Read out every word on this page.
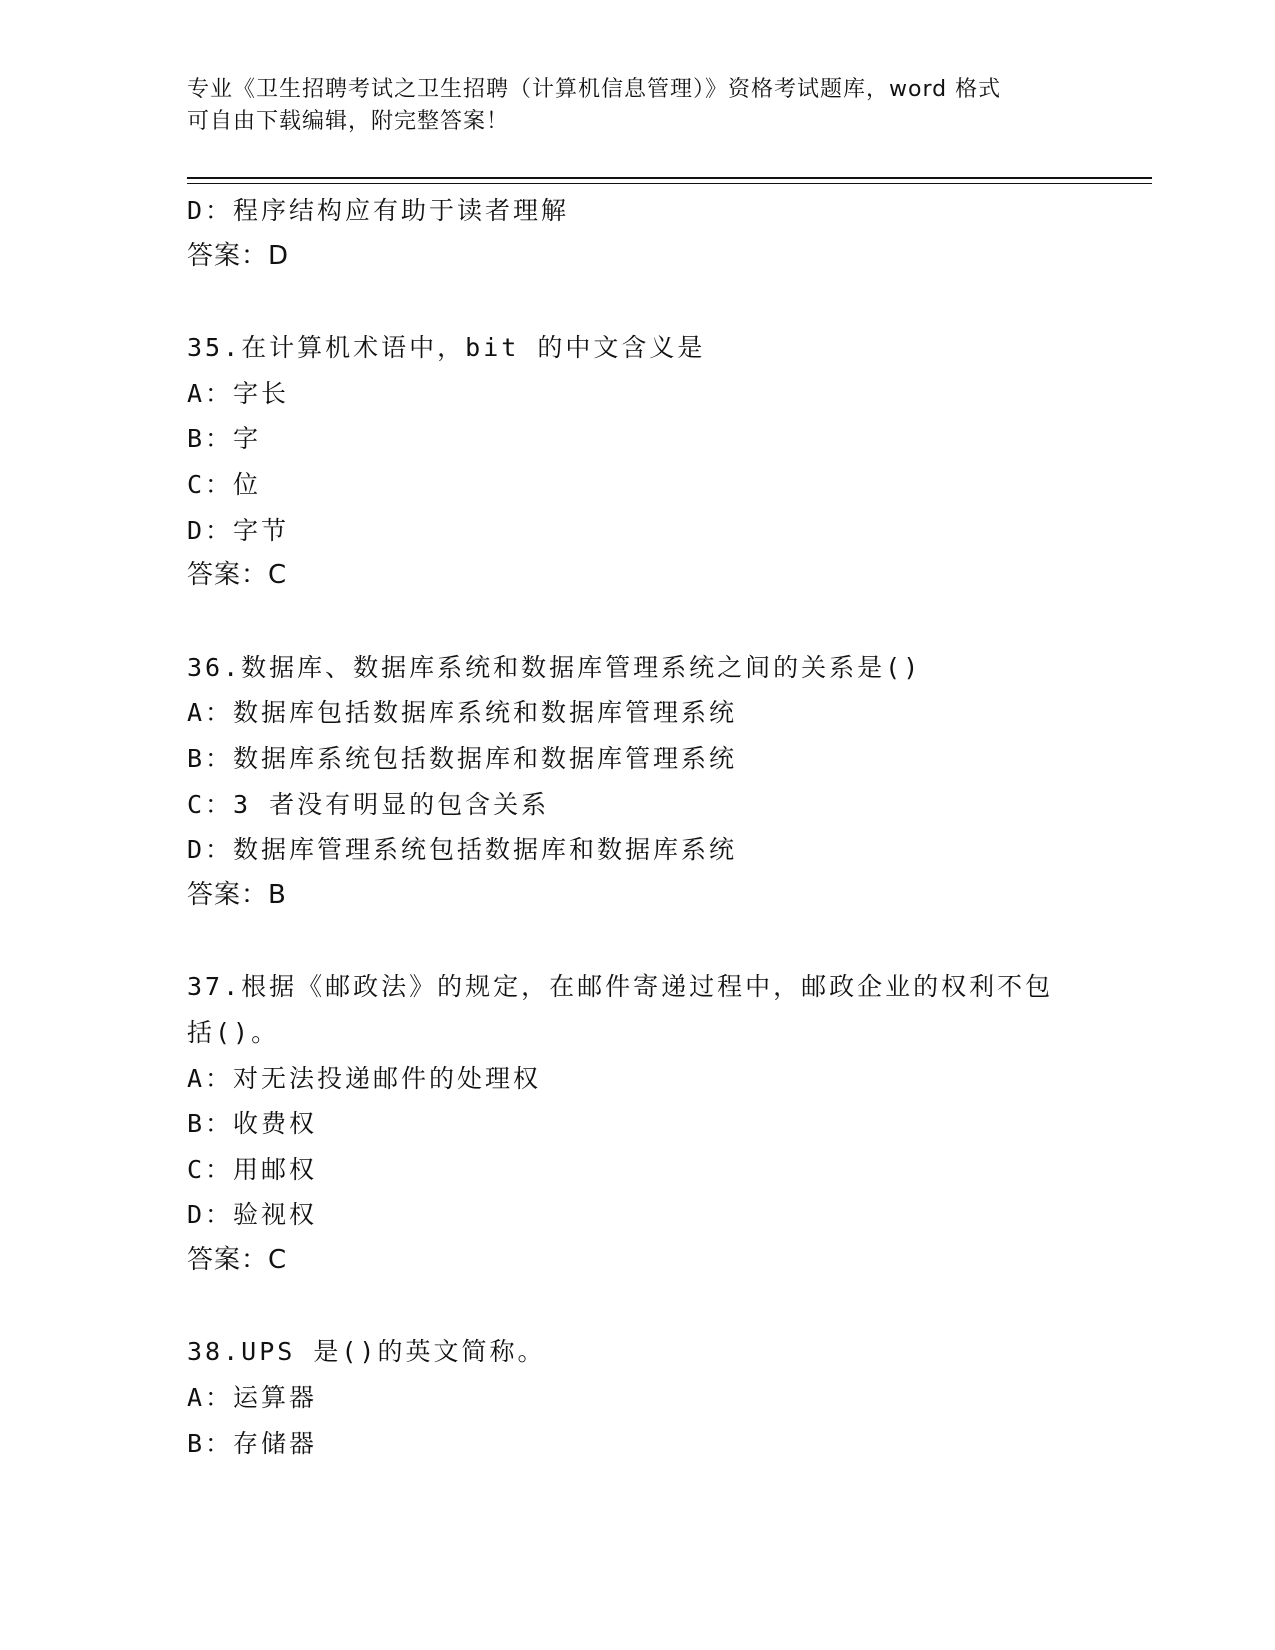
专业《卫生招聘考试之卫生招聘（计算机信息管理）》资格考试题库，word 格式
可自由下载编辑，附完整答案！
D：程序结构应有助于读者理解
答案：D
35.在计算机术语中，bit 的中文含义是
A：字长
B：字
C：位
D：字节
答案：C
36.数据库、数据库系统和数据库管理系统之间的关系是()
A：数据库包括数据库系统和数据库管理系统
B：数据库系统包括数据库和数据库管理系统
C：3 者没有明显的包含关系
D：数据库管理系统包括数据库和数据库系统
答案：B
37.根据《邮政法》的规定，在邮件寄递过程中，邮政企业的权利不包
括()。
A：对无法投递邮件的处理权
B：收费权
C：用邮权
D：验视权
答案：C
38.UPS 是()的英文简称。
A：运算器
B：存储器
